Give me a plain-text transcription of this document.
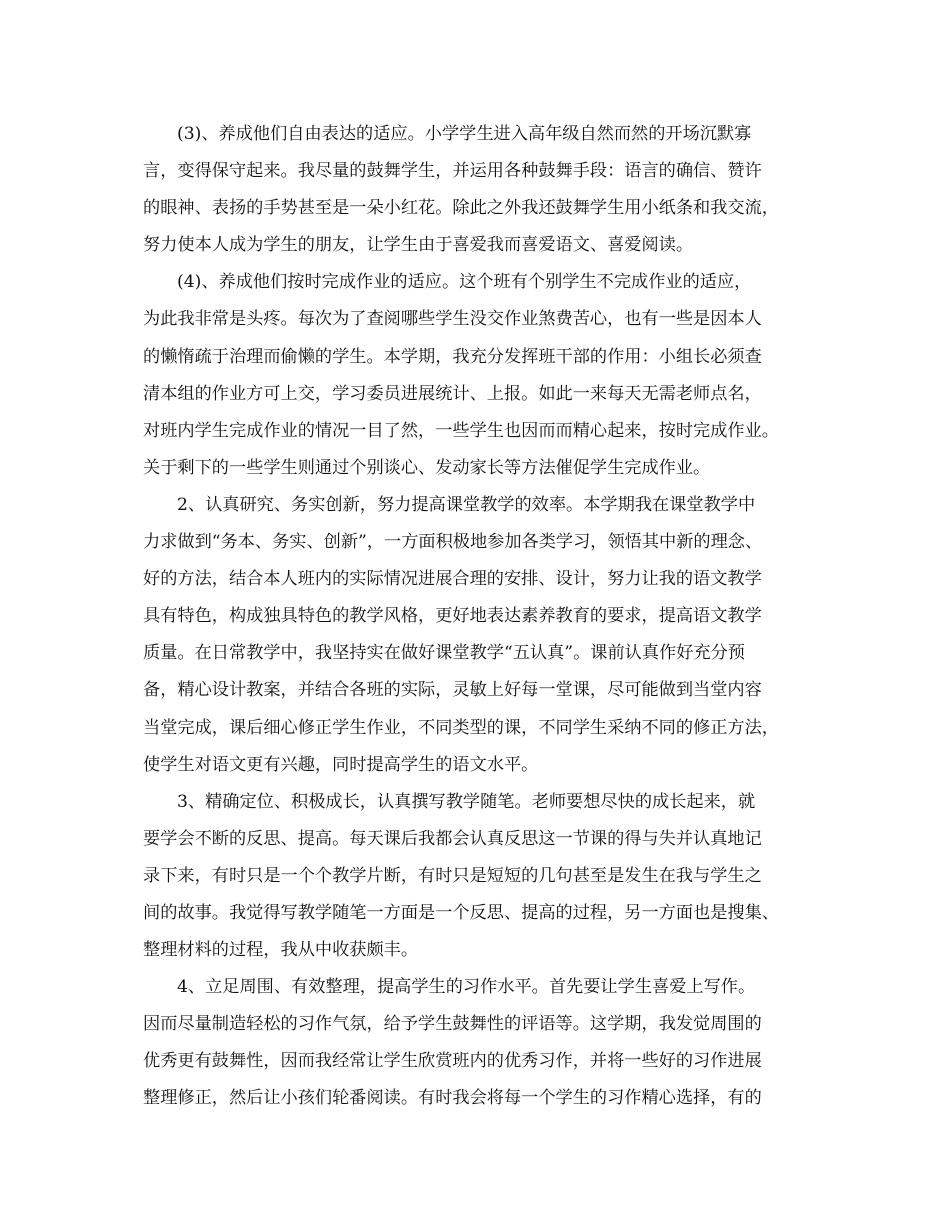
(3)、养成他们自由表达的适应。小学学生进入高年级自然而然的开场沉默寡
言，变得保守起来。我尽量的鼓舞学生，并运用各种鼓舞手段：语言的确信、赞许
的眼神、表扬的手势甚至是一朵小红花。除此之外我还鼓舞学生用小纸条和我交流，
努力使本人成为学生的朋友，让学生由于喜爱我而喜爱语文、喜爱阅读。
(4)、养成他们按时完成作业的适应。这个班有个别学生不完成作业的适应，
为此我非常是头疼。每次为了查阅哪些学生没交作业煞费苦心，也有一些是因本人
的懒惰疏于治理而偷懒的学生。本学期，我充分发挥班干部的作用：小组长必须查
清本组的作业方可上交，学习委员进展统计、上报。如此一来每天无需老师点名，
对班内学生完成作业的情况一目了然，一些学生也因而而精心起来，按时完成作业。
关于剩下的一些学生则通过个别谈心、发动家长等方法催促学生完成作业。
2、认真研究、务实创新，努力提高课堂教学的效率。本学期我在课堂教学中
力求做到“务本、务实、创新”，一方面积极地参加各类学习，领悟其中新的理念、
好的方法，结合本人班内的实际情况进展合理的安排、设计，努力让我的语文教学
具有特色，构成独具特色的教学风格，更好地表达素养教育的要求，提高语文教学
质量。在日常教学中，我坚持实在做好课堂教学“五认真”。课前认真作好充分预
备，精心设计教案，并结合各班的实际，灵敏上好每一堂课，尽可能做到当堂内容
当堂完成，课后细心修正学生作业，不同类型的课，不同学生采纳不同的修正方法，
使学生对语文更有兴趣，同时提高学生的语文水平。
3、精确定位、积极成长，认真撰写教学随笔。老师要想尽快的成长起来，就
要学会不断的反思、提高。每天课后我都会认真反思这一节课的得与失并认真地记
录下来，有时只是一个个教学片断，有时只是短短的几句甚至是发生在我与学生之
间的故事。我觉得写教学随笔一方面是一个反思、提高的过程，另一方面也是搜集、
整理材料的过程，我从中收获颇丰。
4、立足周围、有效整理，提高学生的习作水平。首先要让学生喜爱上写作。
因而尽量制造轻松的习作气氛，给予学生鼓舞性的评语等。这学期，我发觉周围的
优秀更有鼓舞性，因而我经常让学生欣赏班内的优秀习作，并将一些好的习作进展
整理修正，然后让小孩们轮番阅读。有时我会将每一个学生的习作精心选择，有的
